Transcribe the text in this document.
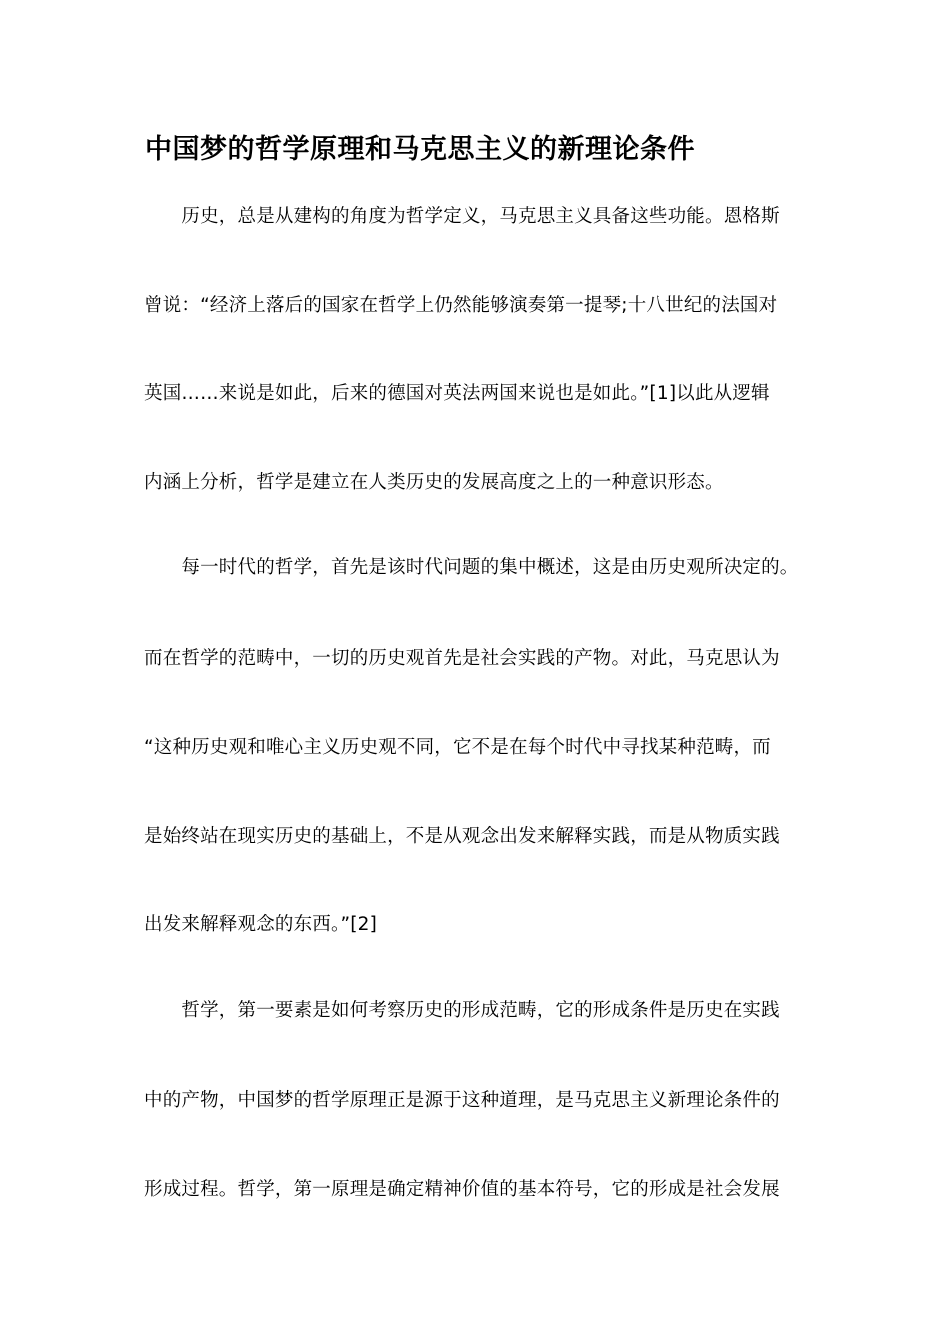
中国梦的哲学原理和马克思主义的新理论条件

　　历史，总是从建构的角度为哲学定义，马克思主义具备这些功能。恩格斯

曾说：“经济上落后的国家在哲学上仍然能够演奏第一提琴;十八世纪的法国对

英国……来说是如此，后来的德国对英法两国来说也是如此。”[1]以此从逻辑

内涵上分析，哲学是建立在人类历史的发展高度之上的一种意识形态。

　　每一时代的哲学，首先是该时代问题的集中概述，这是由历史观所决定的。

而在哲学的范畴中，一切的历史观首先是社会实践的产物。对此，马克思认为

“这种历史观和唯心主义历史观不同，它不是在每个时代中寻找某种范畴，而

是始终站在现实历史的基础上，不是从观念出发来解释实践，而是从物质实践

出发来解释观念的东西。”[2]

　　哲学，第一要素是如何考察历史的形成范畴，它的形成条件是历史在实践

中的产物，中国梦的哲学原理正是源于这种道理，是马克思主义新理论条件的

形成过程。哲学，第一原理是确定精神价值的基本符号，它的形成是社会发展
